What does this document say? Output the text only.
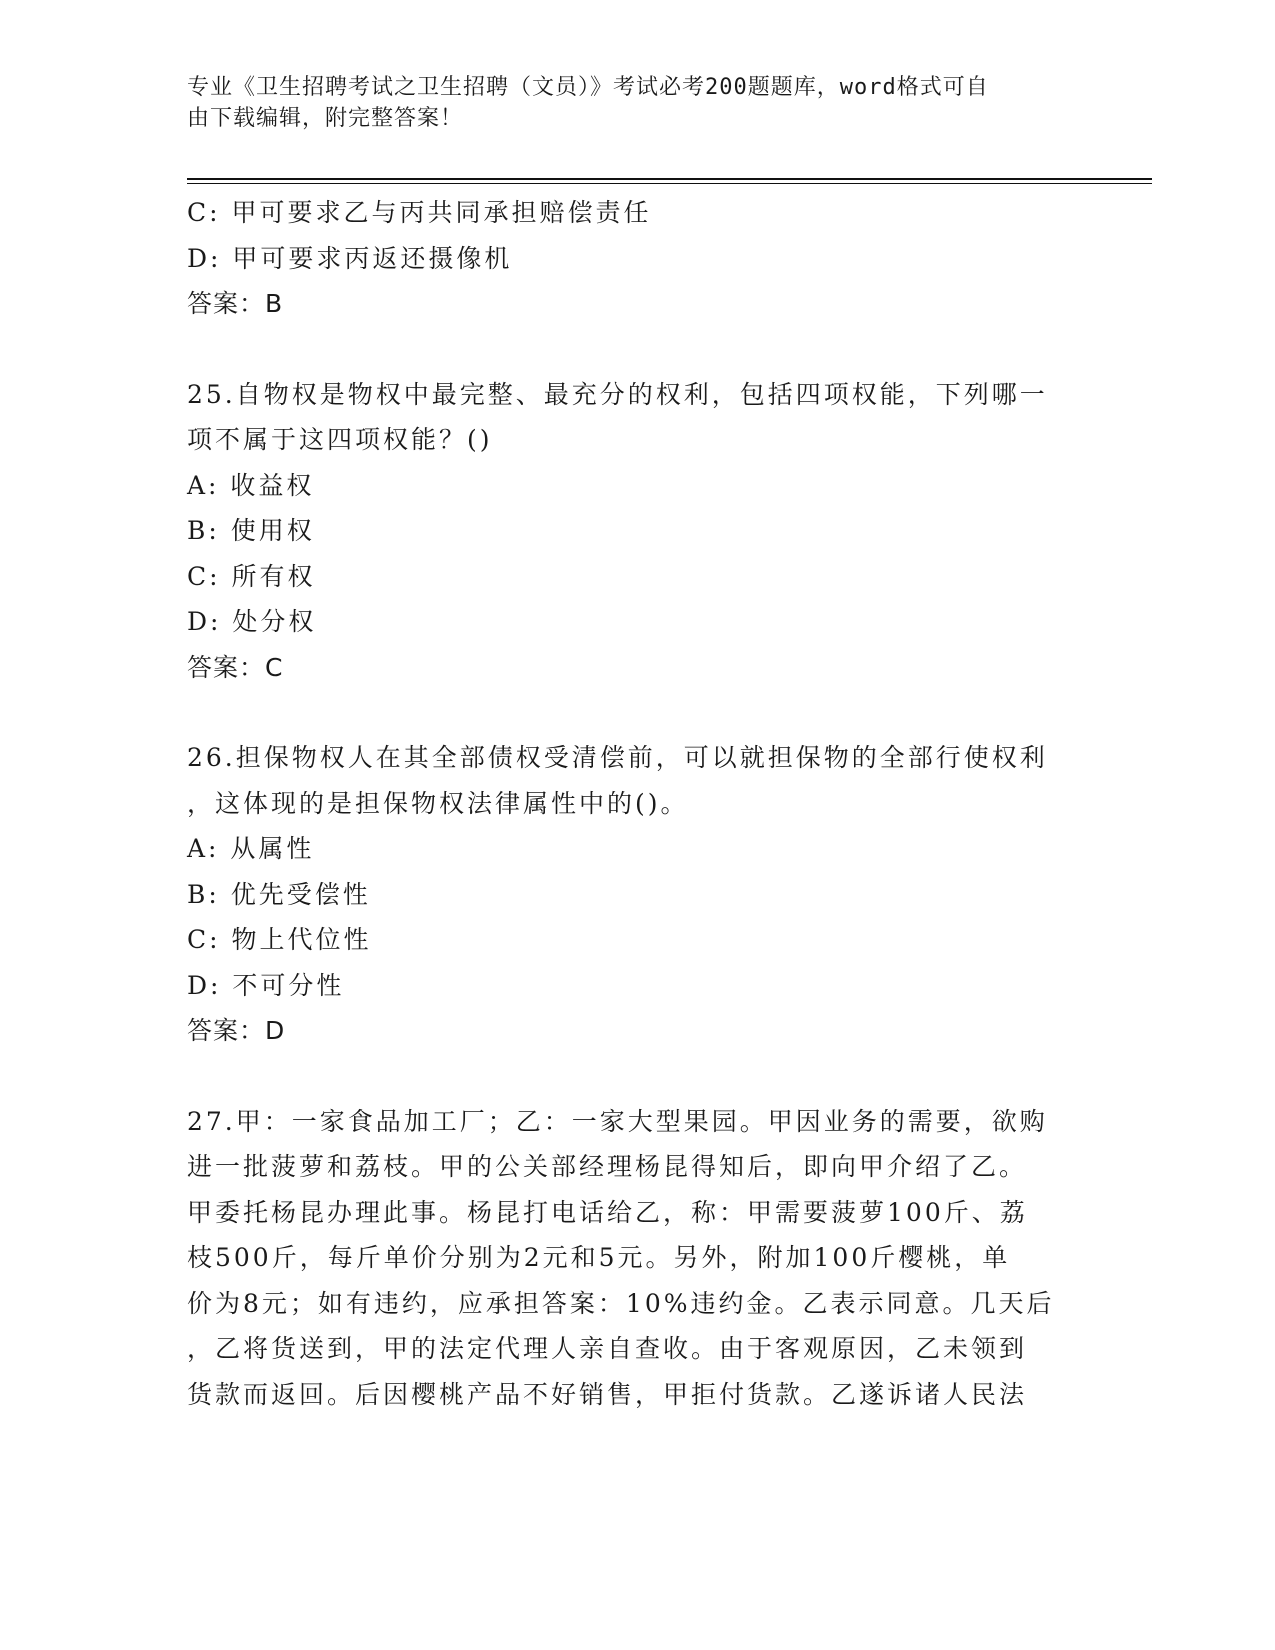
专业《卫生招聘考试之卫生招聘（文员）》考试必考200题题库，word格式可自
由下载编辑，附完整答案！
C: 甲可要求乙与丙共同承担赔偿责任
D: 甲可要求丙返还摄像机
答案：B
25.自物权是物权中最完整、最充分的权利，包括四项权能，下列哪一
项不属于这四项权能？()
A: 收益权
B: 使用权
C: 所有权
D: 处分权
答案：C
26.担保物权人在其全部债权受清偿前，可以就担保物的全部行使权利
，这体现的是担保物权法律属性中的()。
A: 从属性
B: 优先受偿性
C: 物上代位性
D: 不可分性
答案：D
27.甲：一家食品加工厂；乙：一家大型果园。甲因业务的需要，欲购
进一批菠萝和荔枝。甲的公关部经理杨昆得知后，即向甲介绍了乙。
甲委托杨昆办理此事。杨昆打电话给乙，称：甲需要菠萝100斤、荔
枝500斤，每斤单价分别为2元和5元。另外，附加100斤樱桃，单
价为8元；如有违约，应承担答案：10%违约金。乙表示同意。几天后
，乙将货送到，甲的法定代理人亲自查收。由于客观原因，乙未领到
货款而返回。后因樱桃产品不好销售，甲拒付货款。乙遂诉诸人民法
